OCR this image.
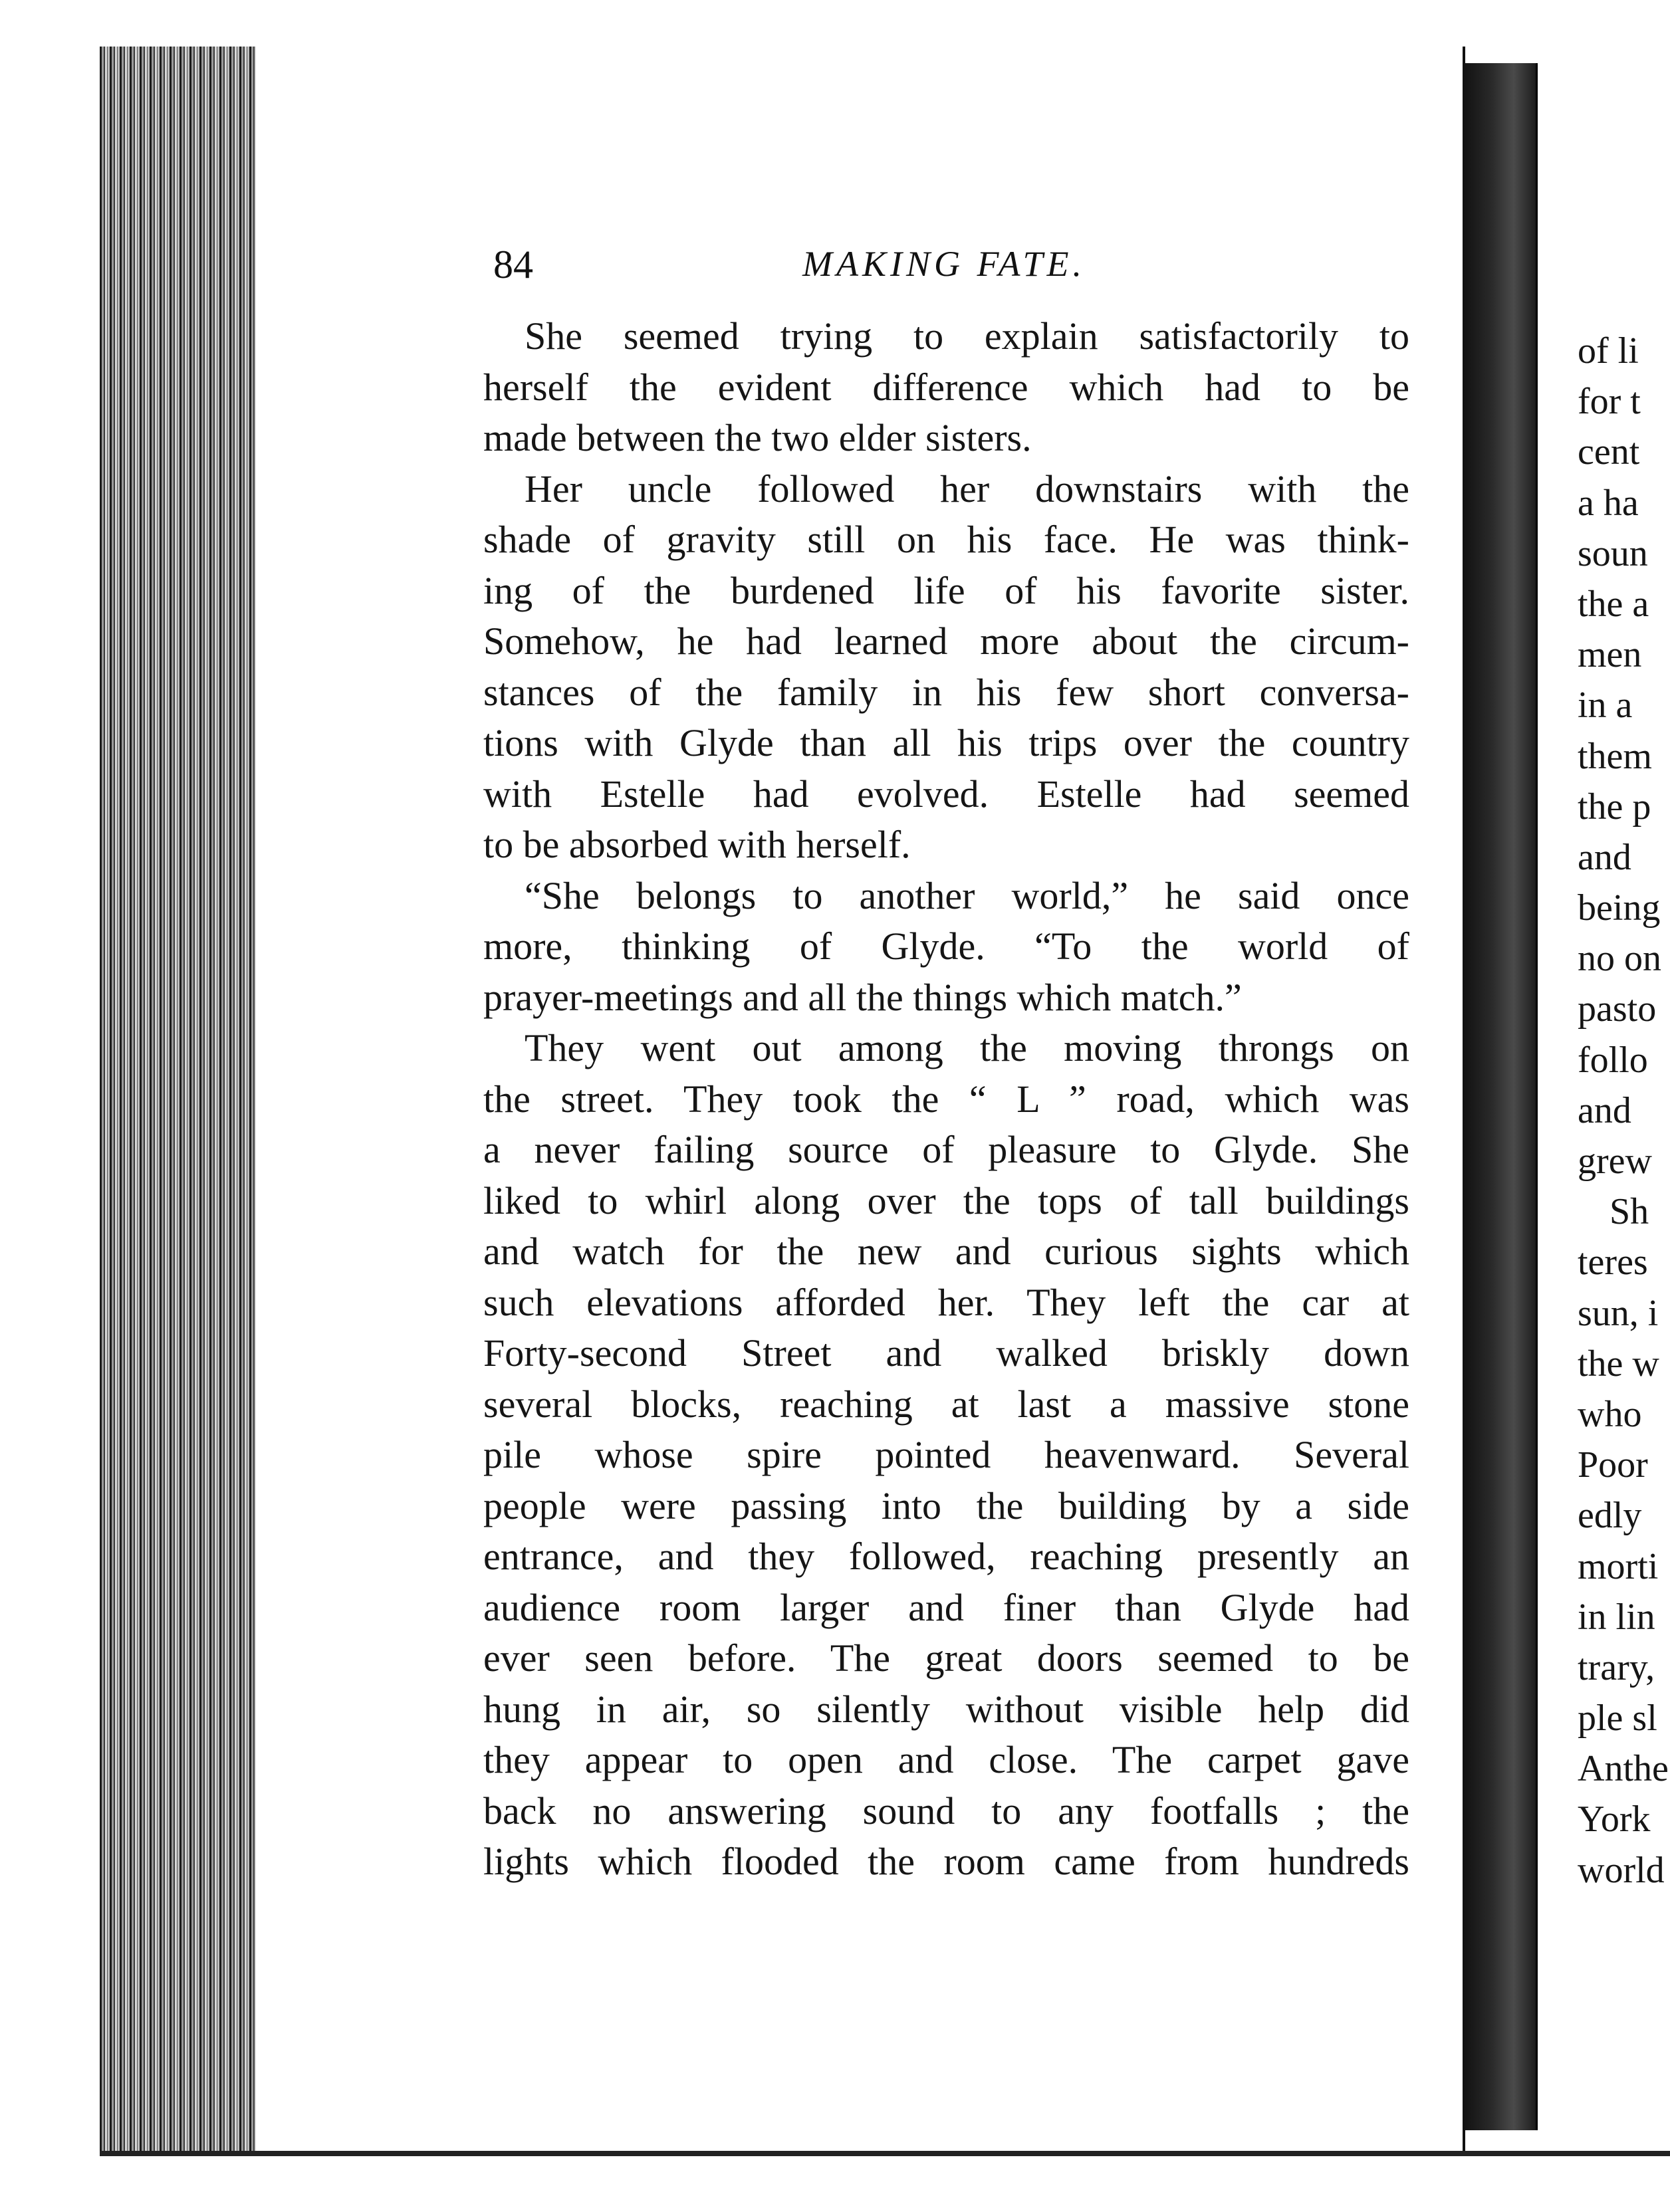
84	MAKING FATE.
She seemed trying to explain satisfactorily to
herself the evident difference which had to be
made between the two elder sisters.
Her uncle followed her downstairs with the
shade of gravity still on his face. He was think-
ing of the burdened life of his favorite sister.
Somehow, he had learned more about the circum-
stances of the family in his few short conversa-
tions with Glyde than all his trips over the country
with Estelle had evolved. Estelle had seemed
to be absorbed with herself.
“She belongs to another world,” he said once
more, thinking of Glyde. “To the world of
prayer-meetings and all the things which match.”
They went out among the moving throngs on
the street. They took the “ L ” road, which was
a never failing source of pleasure to Glyde. She
liked to whirl along over the tops of tall buildings
and watch for the new and curious sights which
such elevations afforded her. They left the car at
Forty-second Street and walked briskly down
several blocks, reaching at last a massive stone
pile whose spire pointed heavenward. Several
people were passing into the building by a side
entrance, and they followed, reaching presently an
audience room larger and finer than Glyde had
ever seen before. The great doors seemed to be
hung in air, so silently without visible help did
they appear to open and close. The carpet gave
back no answering sound to any footfalls ; the
lights which flooded the room came from hundreds
of li
for t
cent
a ha
soun
the a
men
in a
them
the p
and
being
no on
pasto
follo
and
grew
Sh
teres
sun, i
the w
who
Poor
edly
morti
in lin
trary,
ple sl
Anthe
York
world
